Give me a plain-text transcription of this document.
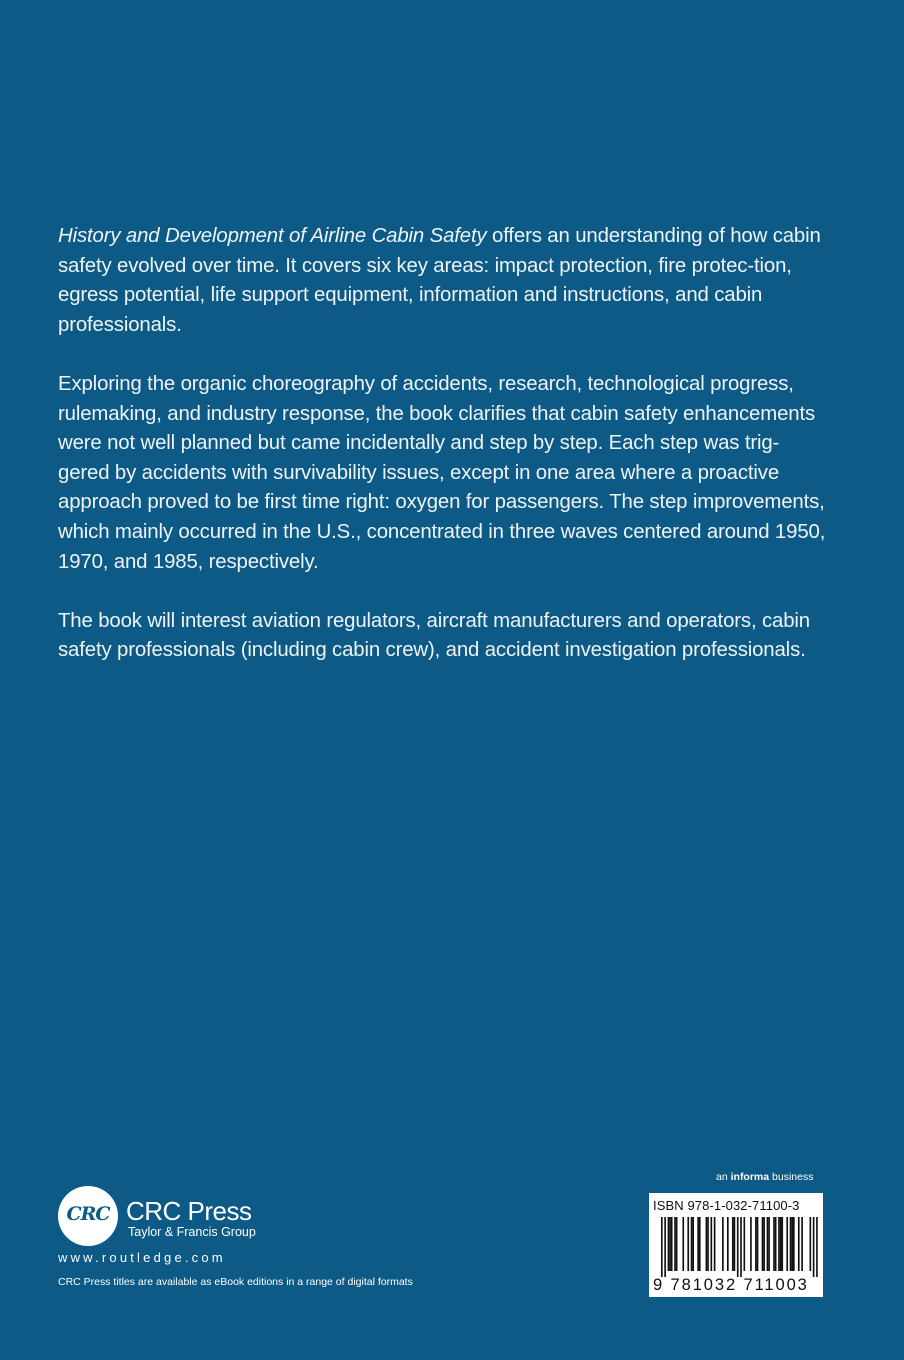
History and Development of Airline Cabin Safety offers an understanding of how cabin safety evolved over time. It covers six key areas: impact protection, fire protec-tion, egress potential, life support equipment, information and instructions, and cabin professionals.

Exploring the organic choreography of accidents, research, technological progress, rulemaking, and industry response, the book clarifies that cabin safety enhancements were not well planned but came incidentally and step by step. Each step was trig-gered by accidents with survivability issues, except in one area where a proactive approach proved to be first time right: oxygen for passengers. The step improvements, which mainly occurred in the U.S., concentrated in three waves centered around 1950, 1970, and 1985, respectively.

The book will interest aviation regulators, aircraft manufacturers and operators, cabin safety professionals (including cabin crew), and accident investigation professionals.

CRC CRC Press
Taylor & Francis Group
www.routledge.com
CRC Press titles are available as eBook editions in a range of digital formats
an informa business
ISBN 978-1-032-71100-3
9 781032 711003
